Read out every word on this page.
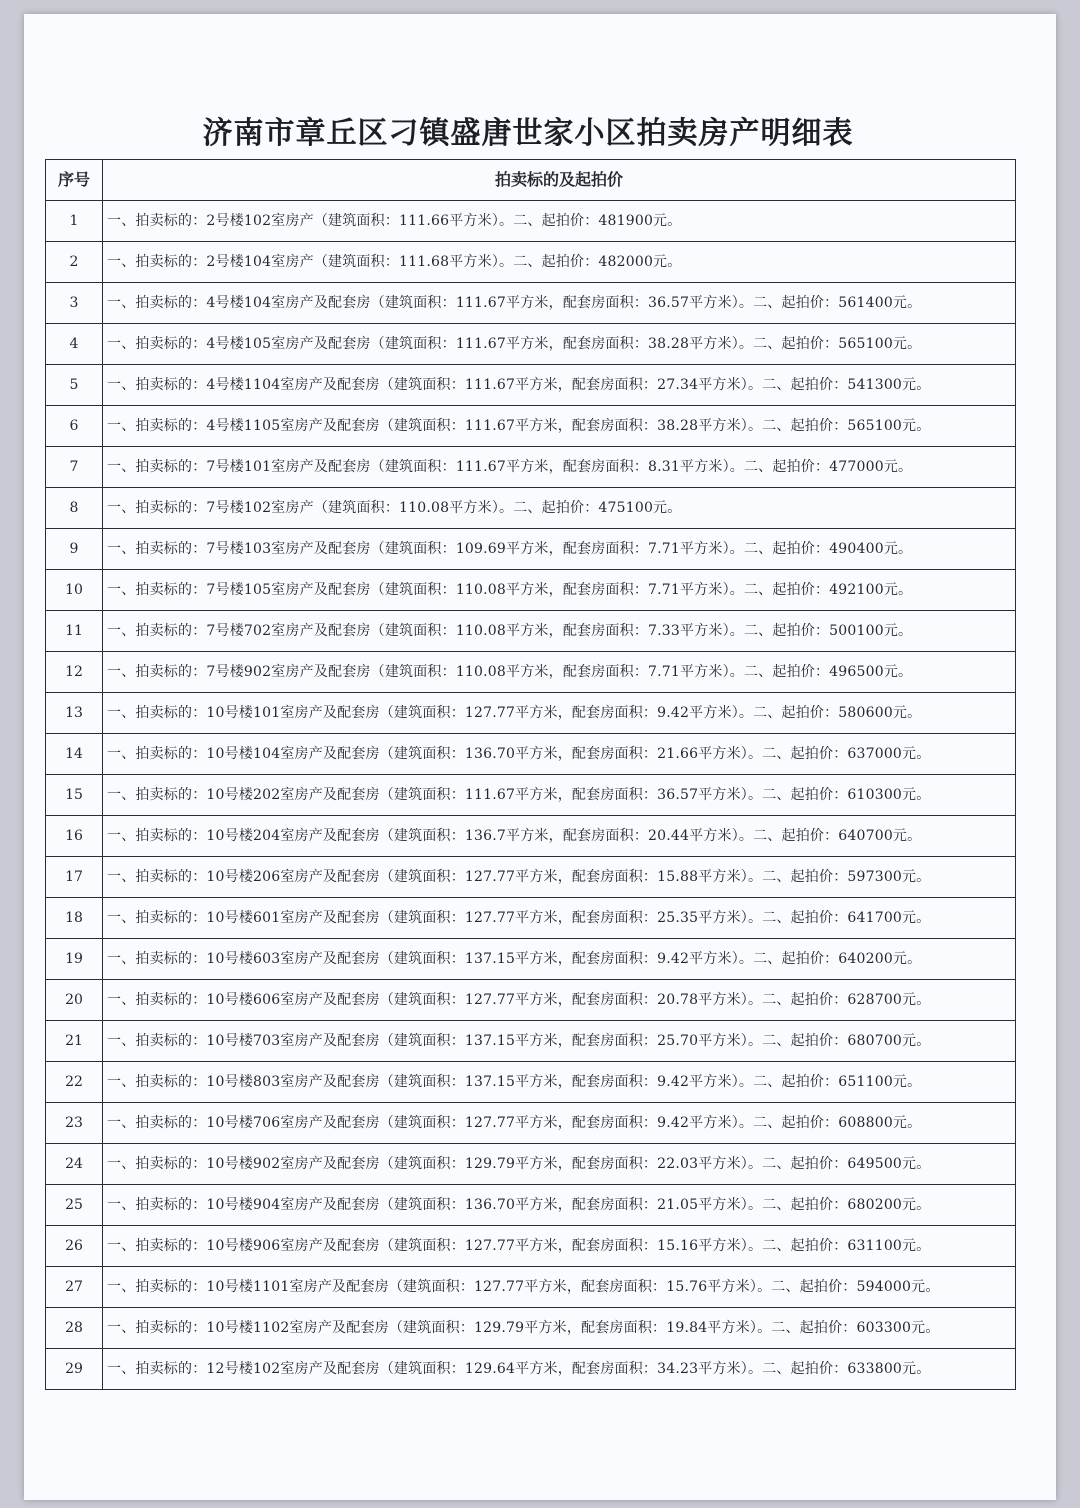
济南市章丘区刁镇盛唐世家小区拍卖房产明细表
序号	拍卖标的及起拍价
1	一、拍卖标的：2号楼102室房产（建筑面积：111.66平方米）。二、起拍价：481900元。
2	一、拍卖标的：2号楼104室房产（建筑面积：111.68平方米）。二、起拍价：482000元。
3	一、拍卖标的：4号楼104室房产及配套房（建筑面积：111.67平方米，配套房面积：36.57平方米）。二、起拍价：561400元。
4	一、拍卖标的：4号楼105室房产及配套房（建筑面积：111.67平方米，配套房面积：38.28平方米）。二、起拍价：565100元。
5	一、拍卖标的：4号楼1104室房产及配套房（建筑面积：111.67平方米，配套房面积：27.34平方米）。二、起拍价：541300元。
6	一、拍卖标的：4号楼1105室房产及配套房（建筑面积：111.67平方米，配套房面积：38.28平方米）。二、起拍价：565100元。
7	一、拍卖标的：7号楼101室房产及配套房（建筑面积：111.67平方米，配套房面积：8.31平方米）。二、起拍价：477000元。
8	一、拍卖标的：7号楼102室房产（建筑面积：110.08平方米）。二、起拍价：475100元。
9	一、拍卖标的：7号楼103室房产及配套房（建筑面积：109.69平方米，配套房面积：7.71平方米）。二、起拍价：490400元。
10	一、拍卖标的：7号楼105室房产及配套房（建筑面积：110.08平方米，配套房面积：7.71平方米）。二、起拍价：492100元。
11	一、拍卖标的：7号楼702室房产及配套房（建筑面积：110.08平方米，配套房面积：7.33平方米）。二、起拍价：500100元。
12	一、拍卖标的：7号楼902室房产及配套房（建筑面积：110.08平方米，配套房面积：7.71平方米）。二、起拍价：496500元。
13	一、拍卖标的：10号楼101室房产及配套房（建筑面积：127.77平方米，配套房面积：9.42平方米）。二、起拍价：580600元。
14	一、拍卖标的：10号楼104室房产及配套房（建筑面积：136.70平方米，配套房面积：21.66平方米）。二、起拍价：637000元。
15	一、拍卖标的：10号楼202室房产及配套房（建筑面积：111.67平方米，配套房面积：36.57平方米）。二、起拍价：610300元。
16	一、拍卖标的：10号楼204室房产及配套房（建筑面积：136.7平方米，配套房面积：20.44平方米）。二、起拍价：640700元。
17	一、拍卖标的：10号楼206室房产及配套房（建筑面积：127.77平方米，配套房面积：15.88平方米）。二、起拍价：597300元。
18	一、拍卖标的：10号楼601室房产及配套房（建筑面积：127.77平方米，配套房面积：25.35平方米）。二、起拍价：641700元。
19	一、拍卖标的：10号楼603室房产及配套房（建筑面积：137.15平方米，配套房面积：9.42平方米）。二、起拍价：640200元。
20	一、拍卖标的：10号楼606室房产及配套房（建筑面积：127.77平方米，配套房面积：20.78平方米）。二、起拍价：628700元。
21	一、拍卖标的：10号楼703室房产及配套房（建筑面积：137.15平方米，配套房面积：25.70平方米）。二、起拍价：680700元。
22	一、拍卖标的：10号楼803室房产及配套房（建筑面积：137.15平方米，配套房面积：9.42平方米）。二、起拍价：651100元。
23	一、拍卖标的：10号楼706室房产及配套房（建筑面积：127.77平方米，配套房面积：9.42平方米）。二、起拍价：608800元。
24	一、拍卖标的：10号楼902室房产及配套房（建筑面积：129.79平方米，配套房面积：22.03平方米）。二、起拍价：649500元。
25	一、拍卖标的：10号楼904室房产及配套房（建筑面积：136.70平方米，配套房面积：21.05平方米）。二、起拍价：680200元。
26	一、拍卖标的：10号楼906室房产及配套房（建筑面积：127.77平方米，配套房面积：15.16平方米）。二、起拍价：631100元。
27	一、拍卖标的：10号楼1101室房产及配套房（建筑面积：127.77平方米，配套房面积：15.76平方米）。二、起拍价：594000元。
28	一、拍卖标的：10号楼1102室房产及配套房（建筑面积：129.79平方米，配套房面积：19.84平方米）。二、起拍价：603300元。
29	一、拍卖标的：12号楼102室房产及配套房（建筑面积：129.64平方米，配套房面积：34.23平方米）。二、起拍价：633800元。
